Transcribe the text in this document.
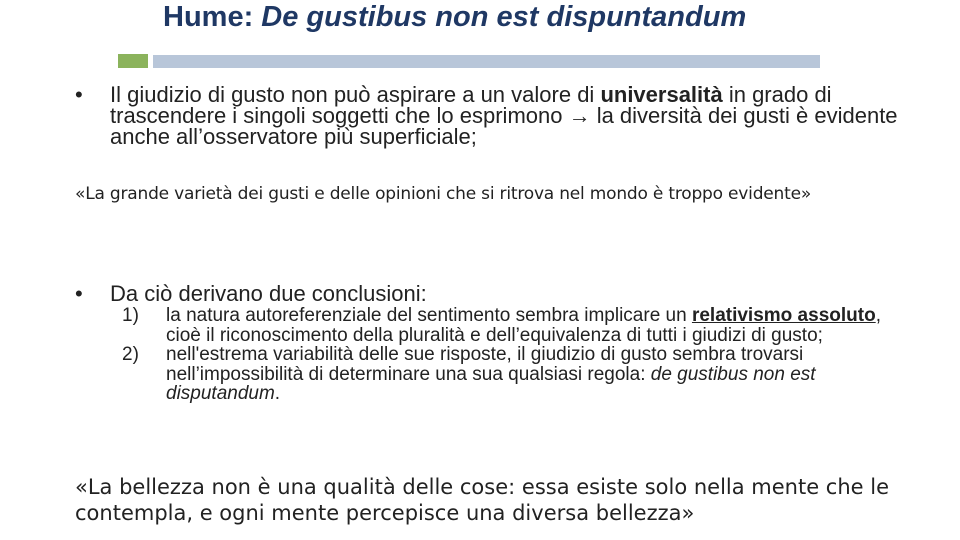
Hume: De gustibus non est dispuntandum
• Il giudizio di gusto non può aspirare a un valore di universalità in grado di trascendere i singoli soggetti che lo esprimono → la diversità dei gusti è evidente anche all’osservatore più superficiale;

«La grande varietà dei gusti e delle opinioni che si ritrova nel mondo è troppo evidente»

• Da ciò derivano due conclusioni:
1) la natura autoreferenziale del sentimento sembra implicare un relativismo assoluto, cioè il riconoscimento della pluralità e dell’equivalenza di tutti i giudizi di gusto;
2) nell'estrema variabilità delle sue risposte, il giudizio di gusto sembra trovarsi nell’impossibilità di determinare una sua qualsiasi regola: de gustibus non est disputandum.

«La bellezza non è una qualità delle cose: essa esiste solo nella mente che le contempla, e ogni mente percepisce una diversa bellezza»
